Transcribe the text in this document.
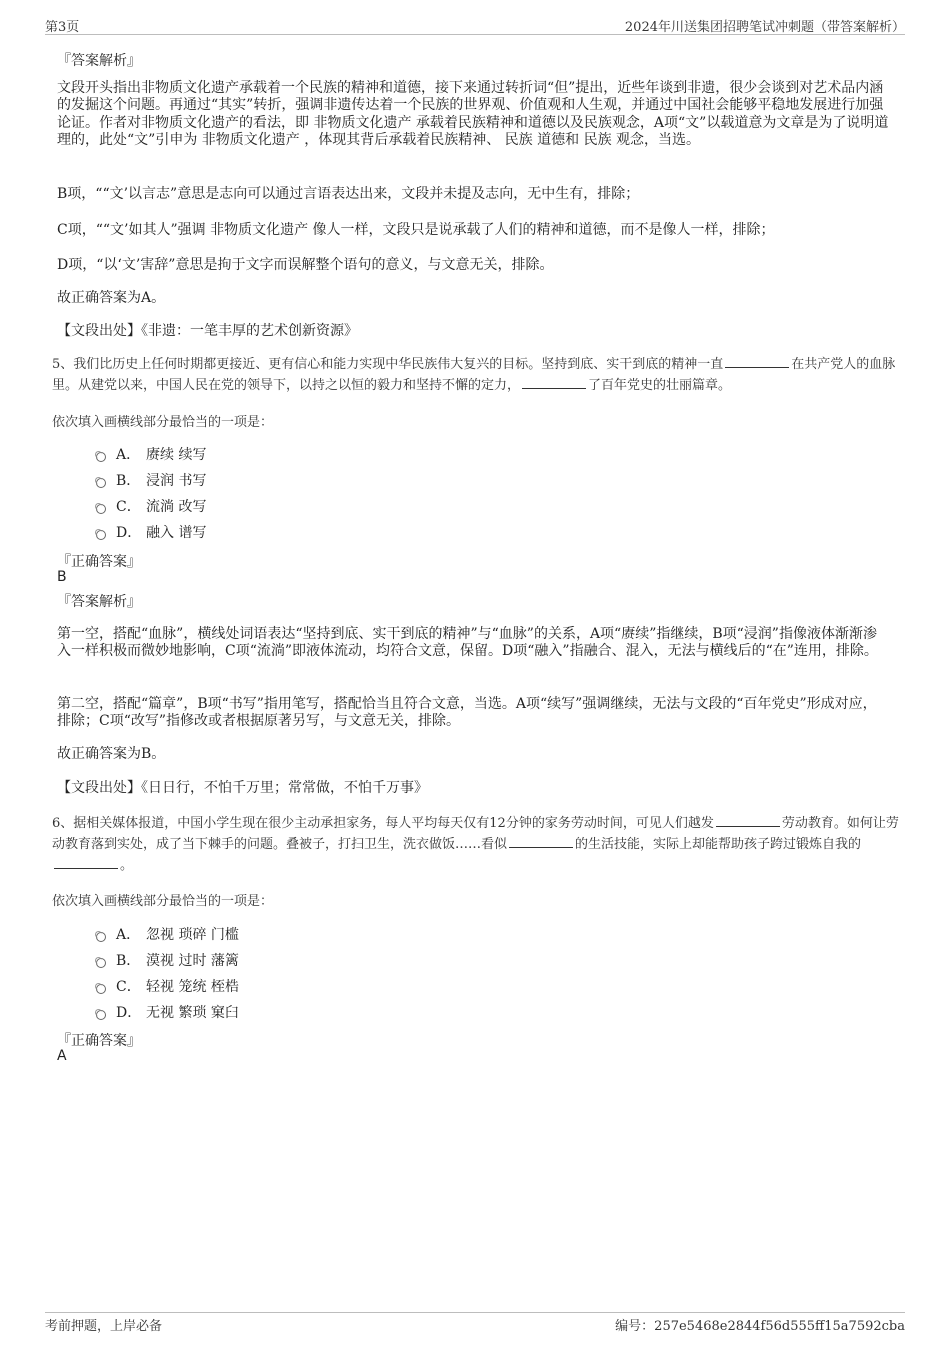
第3页	2024年川送集团招聘笔试冲刺题（带答案解析）
『答案解析』
文段开头指出非物质文化遗产承载着一个民族的精神和道德，接下来通过转折词“但”提出，近些年谈到非遗，很少会谈到对艺术品内涵的发掘这个问题。再通过“其实”转折，强调非遗传达着一个民族的世界观、价值观和人生观，并通过中国社会能够平稳地发展进行加强论证。作者对非物质文化遗产的看法，即 非物质文化遗产 承载着民族精神和道德以及民族观念，A项“文”以载道意为文章是为了说明道理的，此处“文”引申为 非物质文化遗产 ，体现其背后承载着民族精神、 民族 道德和 民族 观念，当选。
B项，““文’以言志”意思是志向可以通过言语表达出来，文段并未提及志向，无中生有，排除；
C项，““文’如其人”强调 非物质文化遗产 像人一样，文段只是说承载了人们的精神和道德，而不是像人一样，排除；
D项，“以‘文’害辞”意思是拘于文字而误解整个语句的意义，与文意无关，排除。
故正确答案为A。
【文段出处】《非遗：一笔丰厚的艺术创新资源》
5、我们比历史上任何时期都更接近、更有信心和能力实现中华民族伟大复兴的目标。坚持到底、实干到底的精神一直	在共产党人的血脉里。从建党以来，中国人民在党的领导下，以持之以恒的毅力和坚持不懈的定力，	了百年党史的壮丽篇章。
依次填入画横线部分最恰当的一项是：
A． 赓续 续写
B． 浸润 书写
C． 流淌 改写
D． 融入 谱写
『正确答案』
B
『答案解析』
第一空，搭配“血脉”，横线处词语表达“坚持到底、实干到底的精神”与“血脉”的关系，A项“赓续”指继续，B项“浸润”指像液体渐渐渗入一样积极而微妙地影响，C项“流淌”即液体流动，均符合文意，保留。D项“融入”指融合、混入，无法与横线后的“在”连用，排除。
第二空，搭配“篇章”，B项“书写”指用笔写，搭配恰当且符合文意，当选。A项“续写”强调继续，无法与文段的“百年党史”形成对应，排除；C项“改写”指修改或者根据原著另写，与文意无关，排除。
故正确答案为B。
【文段出处】《日日行，不怕千万里；常常做，不怕千万事》
6、据相关媒体报道，中国小学生现在很少主动承担家务，每人平均每天仅有12分钟的家务劳动时间，可见人们越发	劳动教育。如何让劳动教育落到实处，成了当下棘手的问题。叠被子，打扫卫生，洗衣做饭……看似	的生活技能，实际上却能帮助孩子跨过锻炼自我的。
依次填入画横线部分最恰当的一项是：
A． 忽视 琐碎 门槛
B． 漠视 过时 藩篱
C． 轻视 笼统 桎梏
D． 无视 繁琐 窠臼
『正确答案』
A
考前押题，上岸必备	编号：257e5468e2844f56d555ff15a7592cba
